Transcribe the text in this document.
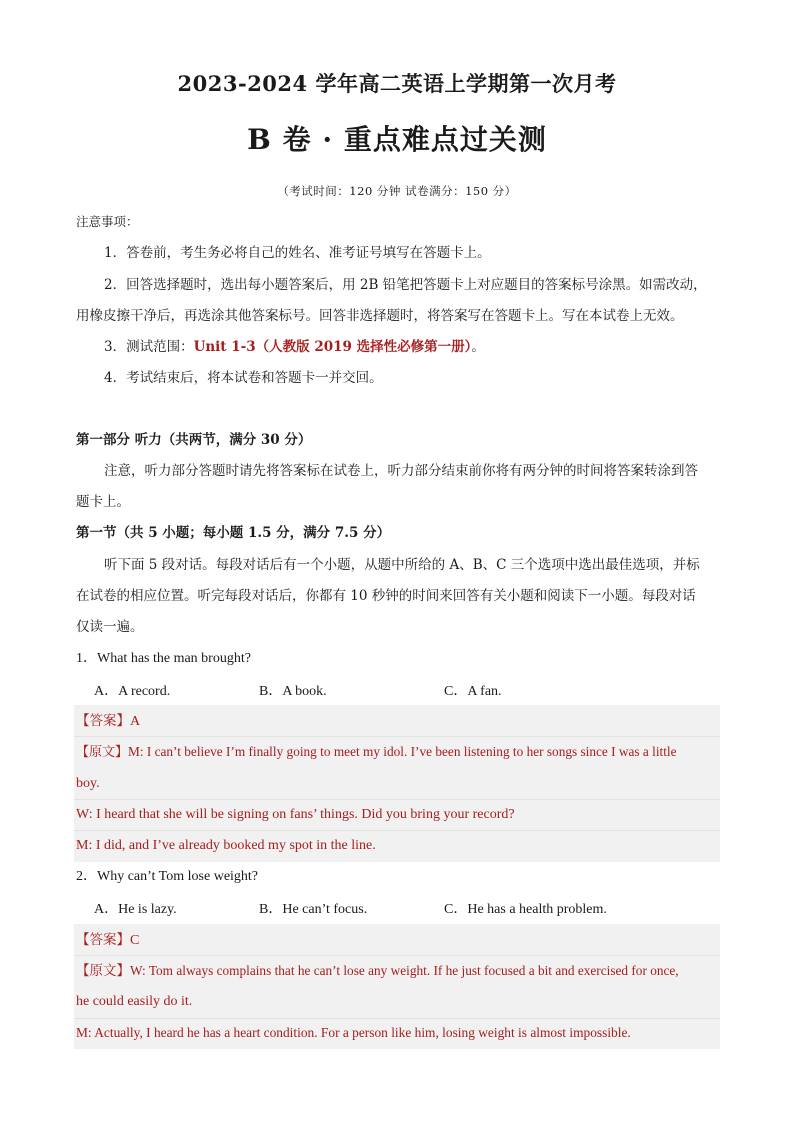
2023-2024 学年高二英语上学期第一次月考
B 卷 · 重点难点过关测
（考试时间：120 分钟 试卷满分：150 分）
注意事项：
1．答卷前，考生务必将自己的姓名、准考证号填写在答题卡上。
2．回答选择题时，选出每小题答案后，用 2B 铅笔把答题卡上对应题目的答案标号涂黑。如需改动，
用橡皮擦干净后，再选涂其他答案标号。回答非选择题时，将答案写在答题卡上。写在本试卷上无效。
3．测试范围：Unit 1-3（人教版 2019 选择性必修第一册）。
4．考试结束后，将本试卷和答题卡一并交回。
第一部分 听力（共两节，满分 30 分）
注意，听力部分答题时请先将答案标在试卷上，听力部分结束前你将有两分钟的时间将答案转涂到答
题卡上。
第一节（共 5 小题；每小题 1.5 分，满分 7.5 分）
听下面 5 段对话。每段对话后有一个小题，从题中所给的 A、B、C 三个选项中选出最佳选项，并标
在试卷的相应位置。听完每段对话后，你都有 10 秒钟的时间来回答有关小题和阅读下一小题。每段对话
仅读一遍。
1．What has the man brought?
A．A record.	B．A book.	C．A fan.
【答案】A
【原文】M: I can’t believe I’m finally going to meet my idol. I’ve been listening to her songs since I was a little
boy.
W: I heard that she will be signing on fans’ things. Did you bring your record?
M: I did, and I’ve already booked my spot in the line.
2．Why can’t Tom lose weight?
A．He is lazy.	B．He can’t focus.	C．He has a health problem.
【答案】C
【原文】W: Tom always complains that he can’t lose any weight. If he just focused a bit and exercised for once,
he could easily do it.
M: Actually, I heard he has a heart condition. For a person like him, losing weight is almost impossible.
